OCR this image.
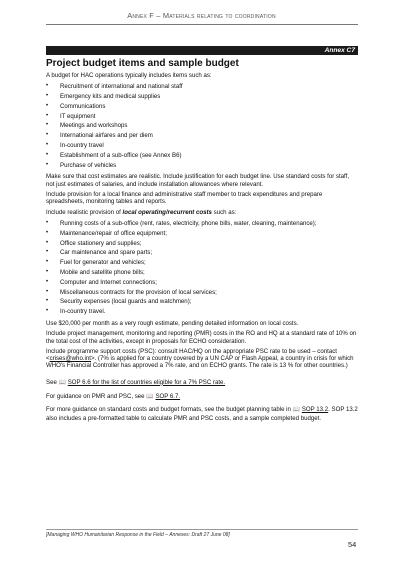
Annex F – Materials relating to coordination
Annex C7
Project budget items and sample budget

A budget for HAC operations typically includes items such as:

• Recruitment of international and national staff
• Emergency kits and medical supplies
• Communications
• IT equipment
• Meetings and workshops
• International airfares and per diem
• In-country travel
• Establishment of a sub-office (see Annex B6)
• Purchase of vehicles

Make sure that cost estimates are realistic. Include justification for each budget line. Use standard costs for staff, not just estimates of salaries, and include installation allowances where relevant.

Include provision for a local finance and administrative staff member to track expenditures and prepare spreadsheets, monitoring tables and reports.

Include realistic provision of local operating/recurrent costs such as:

• Running costs of a sub-office (rent, rates, electricity, phone bills, water, cleaning, maintenance);
• Maintenance/repair of office equipment;
• Office stationery and supplies;
• Car maintenance and spare parts;
• Fuel for generator and vehicles;
• Mobile and satellite phone bills;
• Computer and Internet connections;
• Miscellaneous contracts for the provision of local services;
• Security expenses (local guards and watchmen);
• In-country travel.

Use $20,000 per month as a very rough estimate, pending detailed information on local costs.

Include project management, monitoring and reporting (PMR) costs in the RO and HQ at a standard rate of 10% on the total cost of the activities, except in proposals for ECHO consideration.

Include programme support costs (PSC): consult HAC/HQ on the appropriate PSC rate to be used – contact <crises@who.int>. (7% is applied for a country covered by a UN CAP or Flash Appeal, a country in crisis for which WHO's Financial Controller has approved a 7% rate, and on ECHO grants. The rate is 13 % for other countries.)

See 📖 SOP 6.6 for the list of countries eligible for a 7% PSC rate.

For guidance on PMR and PSC, see 📖 SOP 6.7.

For more guidance on standard costs and budget formats, see the budget planning table in 📖 SOP 13.2. SOP 13.2 also includes a pre-formatted table to calculate PMR and PSC costs, and a sample completed budget.

[Managing WHO Humanitarian Response in the Field – Annexes: Draft 27 June 08]
54
